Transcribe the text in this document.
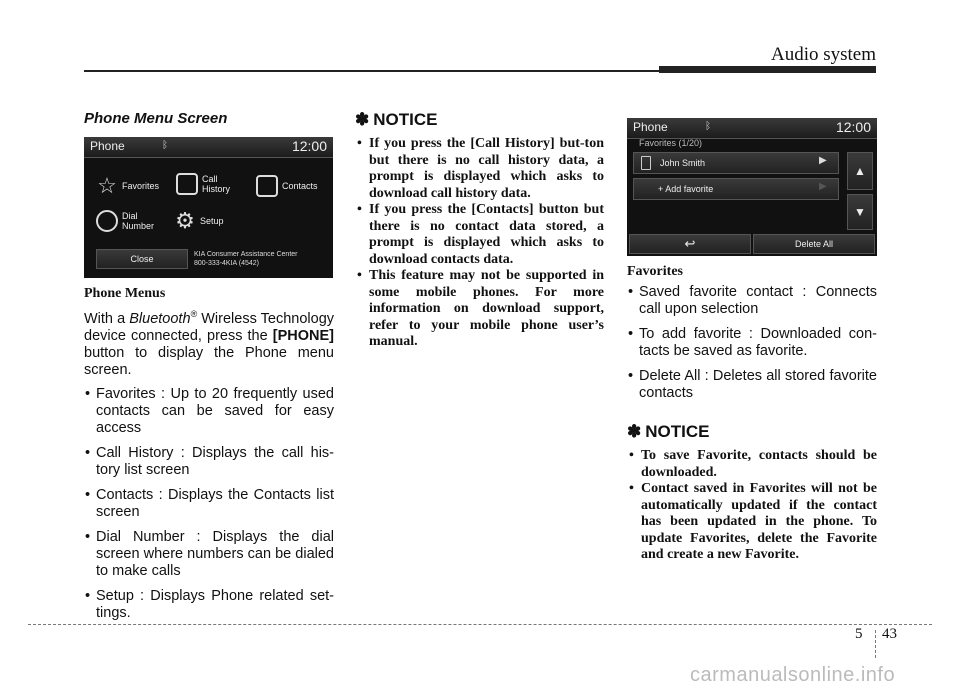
Audio system
Phone Menu Screen
Phone	ᛒ	12:00
☆ Favorites
Call
History	Contacts
Dial
Number ⚙ Setup
Close	KIA Consumer Assistance Center
800-333-4KIA (4542)
Phone Menus

With a Bluetooth® Wireless Technology device connected, press the [PHONE] button to display the Phone menu screen.

• Favorites : Up to 20 frequently used contacts can be saved for easy access
• Call History : Displays the call his-tory list screen
• Contacts : Displays the Contacts list screen
• Dial Number : Displays the dial screen where numbers can be dialed to make calls
• Setup : Displays Phone related set-tings.
✽ NOTICE
• If you press the [Call History] but-ton but there is no call history data, a prompt is displayed which asks to download call history data.
• If you press the [Contacts] button but there is no contact data stored, a prompt is displayed which asks to download contacts data.
• This feature may not be supported in some mobile phones. For more information on download support, refer to your mobile phone user’s manual.
Phone	ᛒ	12:00
Favorites (1/20)
John Smith	▶
+ Add favorite	▶
▲
▼
↩	Delete All
Favorites
• Saved favorite contact : Connects call upon selection
• To add favorite : Downloaded con-tacts be saved as favorite.
• Delete All : Deletes all stored favorite contacts
✽ NOTICE
• To save Favorite, contacts should be downloaded.
• Contact saved in Favorites will not be automatically updated if the contact has been updated in the phone. To update Favorites, delete the Favorite and create a new Favorite.
5 43
carmanualsonline.info
